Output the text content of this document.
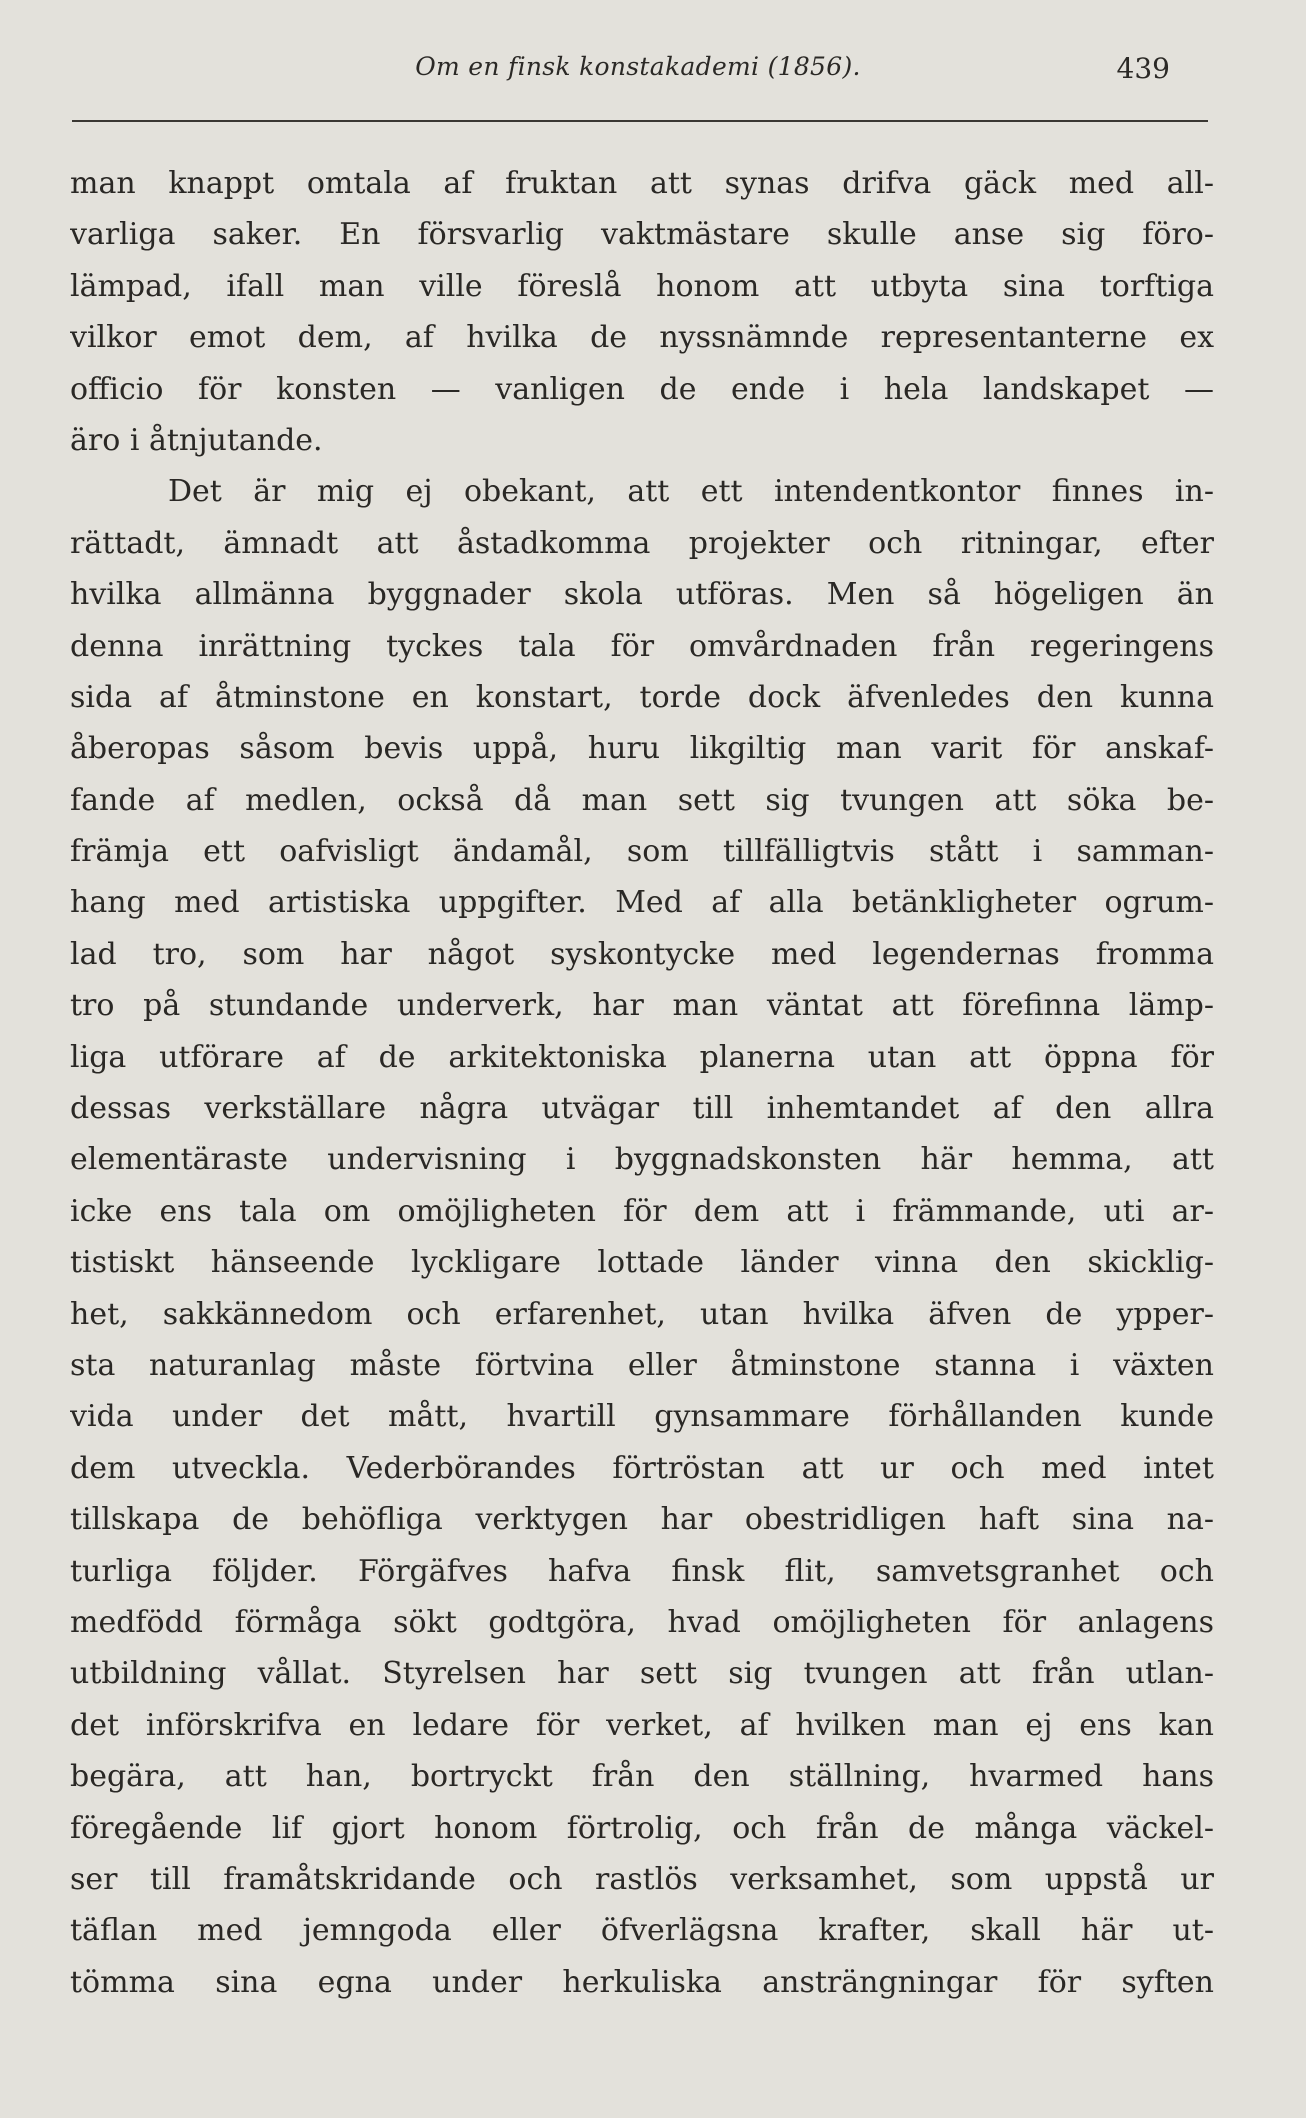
Om en finsk konstakademi (1856).	439
man knappt omtala af fruktan att synas drifva gäck med all-
varliga saker. En försvarlig vaktmästare skulle anse sig föro-
lämpad, ifall man ville föreslå honom att utbyta sina torftiga
vilkor emot dem, af hvilka de nyssnämnde representanterne ex
officio för konsten — vanligen de ende i hela landskapet —
äro i åtnjutande.
Det är mig ej obekant, att ett intendentkontor finnes in-
rättadt, ämnadt att åstadkomma projekter och ritningar, efter
hvilka allmänna byggnader skola utföras. Men så högeligen än
denna inrättning tyckes tala för omvårdnaden från regeringens
sida af åtminstone en konstart, torde dock äfvenledes den kunna
åberopas såsom bevis uppå, huru likgiltig man varit för anskaf-
fande af medlen, också då man sett sig tvungen att söka be-
främja ett oafvisligt ändamål, som tillfälligtvis stått i samman-
hang med artistiska uppgifter. Med af alla betänkligheter ogrum-
lad tro, som har något syskontycke med legendernas fromma
tro på stundande underverk, har man väntat att förefinna lämp-
liga utförare af de arkitektoniska planerna utan att öppna för
dessas verkställare några utvägar till inhemtandet af den allra
elementäraste undervisning i byggnadskonsten här hemma, att
icke ens tala om omöjligheten för dem att i främmande, uti ar-
tistiskt hänseende lyckligare lottade länder vinna den skicklig-
het, sakkännedom och erfarenhet, utan hvilka äfven de ypper-
sta naturanlag måste förtvina eller åtminstone stanna i växten
vida under det mått, hvartill gynsammare förhållanden kunde
dem utveckla. Vederbörandes förtröstan att ur och med intet
tillskapa de behöfliga verktygen har obestridligen haft sina na-
turliga följder. Förgäfves hafva finsk flit, samvetsgranhet och
medfödd förmåga sökt godtgöra, hvad omöjligheten för anlagens
utbildning vållat. Styrelsen har sett sig tvungen att från utlan-
det införskrifva en ledare för verket, af hvilken man ej ens kan
begära, att han, bortryckt från den ställning, hvarmed hans
föregående lif gjort honom förtrolig, och från de många väckel-
ser till framåtskridande och rastlös verksamhet, som uppstå ur
täflan med jemngoda eller öfverlägsna krafter, skall här ut-
tömma sina egna under herkuliska ansträngningar för syften
